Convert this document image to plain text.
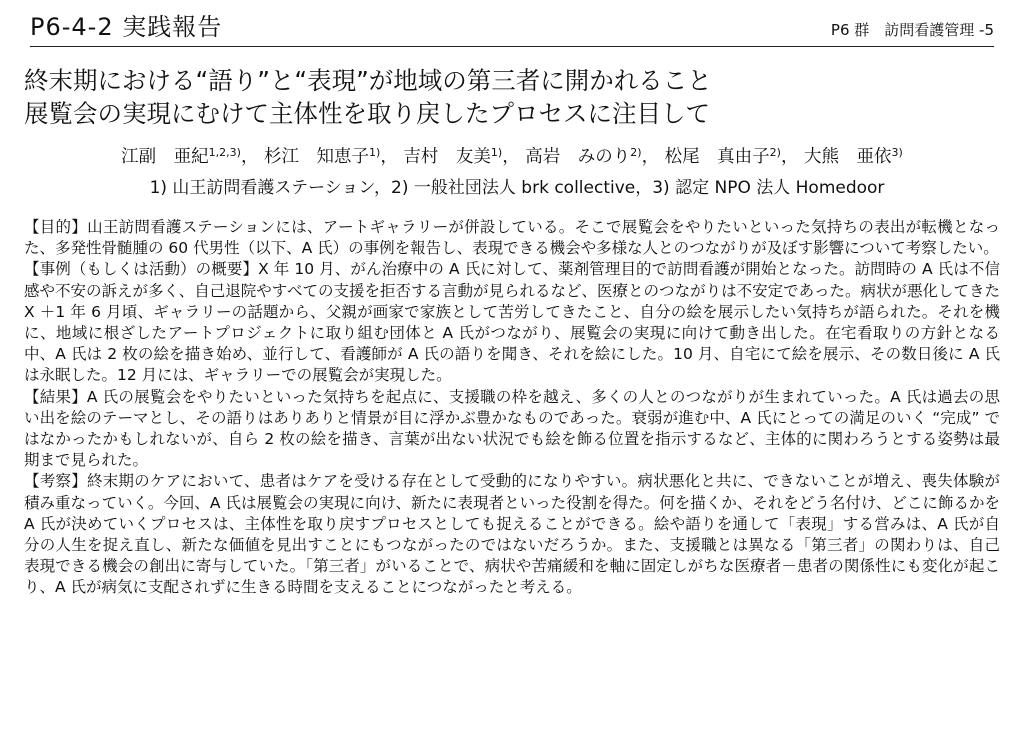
P6-4-2 実践報告	P6 群　訪問看護管理 -5
終末期における“語り”と“表現”が地域の第三者に開かれること
展覧会の実現にむけて主体性を取り戻したプロセスに注目して
江副　亜紀$^{1,2,3)}$， 杉江　知恵子$^{1)}$， 吉村　友美$^{1)}$， 高岩　みのり$^{2)}$， 松尾　真由子$^{2)}$， 大熊　亜依$^{3)}$
1) 山王訪問看護ステーション，2) 一般社団法人 brk collective，3) 認定 NPO 法人 Homedoor

【目的】山王訪問看護ステーションには、アートギャラリーが併設している。そこで展覧会をやりたいといった気持ちの表出が転機となった、多発性骨髄腫の 60 代男性（以下、A 氏）の事例を報告し、表現できる機会や多様な人とのつながりが及ぼす影響について考察したい。

【事例（もしくは活動）の概要】X 年 10 月、がん治療中の A 氏に対して、薬剤管理目的で訪問看護が開始となった。訪問時の A 氏は不信感や不安の訴えが多く、自己退院やすべての支援を拒否する言動が見られるなど、医療とのつながりは不安定であった。病状が悪化してきた X ＋1 年 6 月頃、ギャラリーの話題から、父親が画家で家族として苦労してきたこと、自分の絵を展示したい気持ちが語られた。それを機に、地域に根ざしたアートプロジェクトに取り組む団体と A 氏がつながり、展覧会の実現に向けて動き出した。在宅看取りの方針となる中、A 氏は 2 枚の絵を描き始め、並行して、看護師が A 氏の語りを聞き、それを絵にした。10 月、自宅にて絵を展示、その数日後に A 氏は永眠した。12 月には、ギャラリーでの展覧会が実現した。

【結果】A 氏の展覧会をやりたいといった気持ちを起点に、支援職の枠を越え、多くの人とのつながりが生まれていった。A 氏は過去の思い出を絵のテーマとし、その語りはありありと情景が目に浮かぶ豊かなものであった。衰弱が進む中、A 氏にとっての満足のいく “完成” ではなかったかもしれないが、自ら 2 枚の絵を描き、言葉が出ない状況でも絵を飾る位置を指示するなど、主体的に関わろうとする姿勢は最期まで見られた。

【考察】終末期のケアにおいて、患者はケアを受ける存在として受動的になりやすい。病状悪化と共に、できないことが増え、喪失体験が積み重なっていく。今回、A 氏は展覧会の実現に向け、新たに表現者といった役割を得た。何を描くか、それをどう名付け、どこに飾るかを A 氏が決めていくプロセスは、主体性を取り戻すプロセスとしても捉えることができる。絵や語りを通して「表現」する営みは、A 氏が自分の人生を捉え直し、新たな価値を見出すことにもつながったのではないだろうか。また、支援職とは異なる「第三者」の関わりは、自己表現できる機会の創出に寄与していた。「第三者」がいることで、病状や苦痛緩和を軸に固定しがちな医療者－患者の関係性にも変化が起こり、A 氏が病気に支配されずに生きる時間を支えることにつながったと考える。
